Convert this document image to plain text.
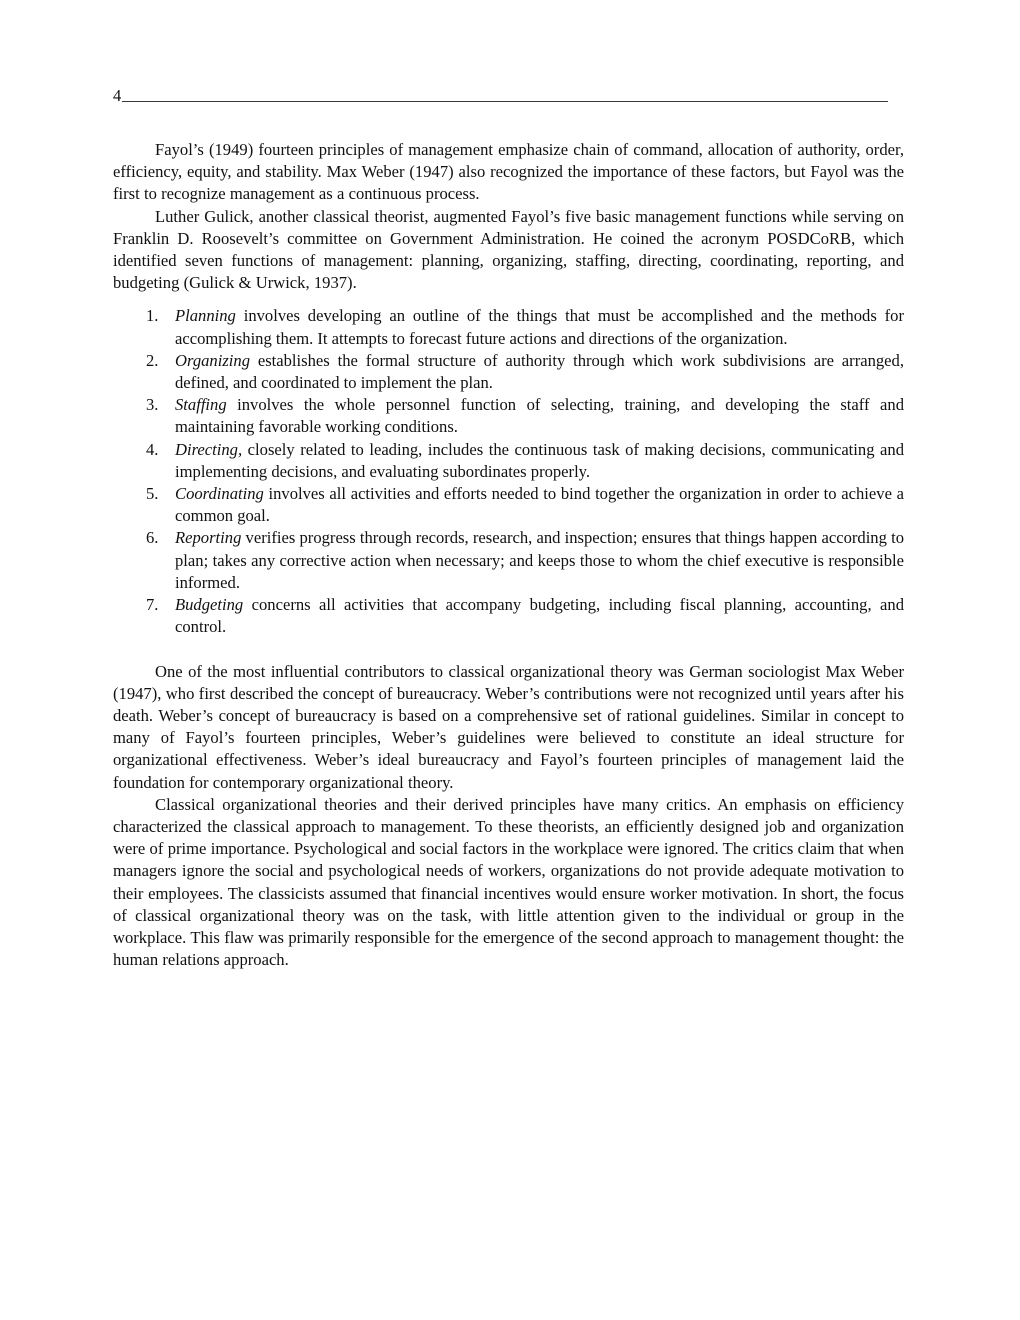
4

Fayol’s (1949) fourteen principles of management emphasize chain of command, allocation of authority, order, efficiency, equity, and stability. Max Weber (1947) also recognized the importance of these factors, but Fayol was the first to recognize management as a continuous process.

Luther Gulick, another classical theorist, augmented Fayol’s five basic management functions while serving on Franklin D. Roosevelt’s committee on Government Administration. He coined the acronym POSDCoRB, which identified seven functions of management: planning, organizing, staffing, directing, coordinating, reporting, and budgeting (Gulick & Urwick, 1937).

1. Planning involves developing an outline of the things that must be accomplished and the methods for accomplishing them. It attempts to forecast future actions and directions of the organization.
2. Organizing establishes the formal structure of authority through which work subdivisions are arranged, defined, and coordinated to implement the plan.
3. Staffing involves the whole personnel function of selecting, training, and developing the staff and maintaining favorable working conditions.
4. Directing, closely related to leading, includes the continuous task of making decisions, communicating and implementing decisions, and evaluating subordinates properly.
5. Coordinating involves all activities and efforts needed to bind together the organization in order to achieve a common goal.
6. Reporting verifies progress through records, research, and inspection; ensures that things happen according to plan; takes any corrective action when necessary; and keeps those to whom the chief executive is responsible informed.
7. Budgeting concerns all activities that accompany budgeting, including fiscal planning, accounting, and control.

One of the most influential contributors to classical organizational theory was German sociologist Max Weber (1947), who first described the concept of bureaucracy. Weber’s contributions were not recognized until years after his death. Weber’s concept of bureaucracy is based on a comprehensive set of rational guidelines. Similar in concept to many of Fayol’s fourteen principles, Weber’s guidelines were believed to constitute an ideal structure for organizational effectiveness. Weber’s ideal bureaucracy and Fayol’s fourteen principles of management laid the foundation for contemporary organizational theory.

Classical organizational theories and their derived principles have many critics. An emphasis on efficiency characterized the classical approach to management. To these theorists, an efficiently designed job and organization were of prime importance. Psychological and social factors in the workplace were ignored. The critics claim that when managers ignore the social and psychological needs of workers, organizations do not provide adequate motivation to their employees. The classicists assumed that financial incentives would ensure worker motivation. In short, the focus of classical organizational theory was on the task, with little attention given to the individual or group in the workplace. This flaw was primarily responsible for the emergence of the second approach to management thought: the human relations approach.
